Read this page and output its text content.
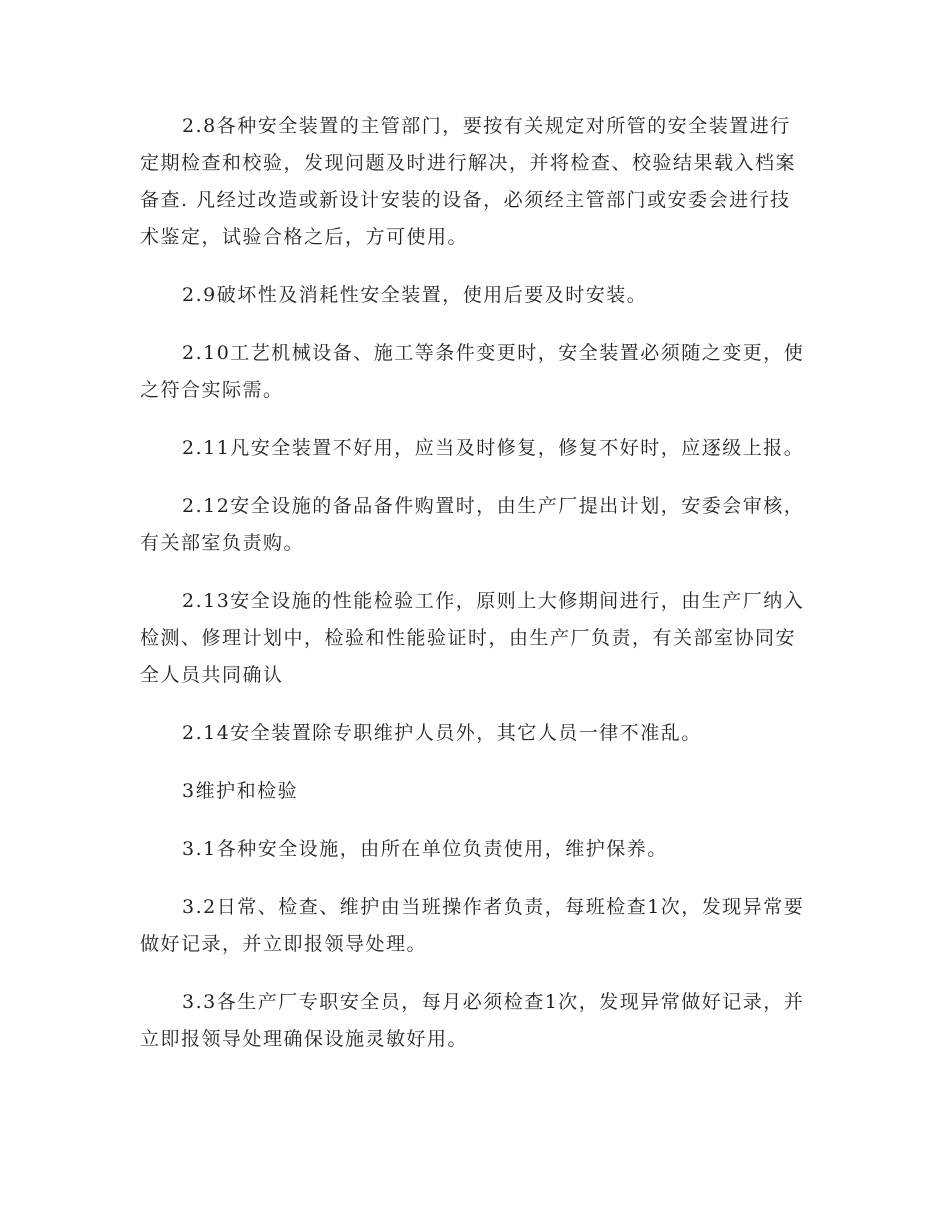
2.8各种安全装置的主管部门，要按有关规定对所管的安全装置进行定期检查和校验，发现问题及时进行解决，并将检查、校验结果载入档案备查. 凡经过改造或新设计安装的设备，必须经主管部门或安委会进行技术鉴定，试验合格之后，方可使用。

2.9破坏性及消耗性安全装置，使用后要及时安装。

2.10工艺机械设备、施工等条件变更时，安全装置必须随之变更，使之符合实际需。

2.11凡安全装置不好用，应当及时修复，修复不好时，应逐级上报。

2.12安全设施的备品备件购置时，由生产厂提出计划，安委会审核，有关部室负责购。

2.13安全设施的性能检验工作，原则上大修期间进行，由生产厂纳入检测、修理计划中，检验和性能验证时，由生产厂负责，有关部室协同安全人员共同确认

2.14安全装置除专职维护人员外，其它人员一律不准乱。

3维护和检验

3.1各种安全设施，由所在单位负责使用，维护保养。

3.2日常、检查、维护由当班操作者负责，每班检查1次，发现异常要做好记录，并立即报领导处理。

3.3各生产厂专职安全员，每月必须检查1次，发现异常做好记录，并立即报领导处理确保设施灵敏好用。
